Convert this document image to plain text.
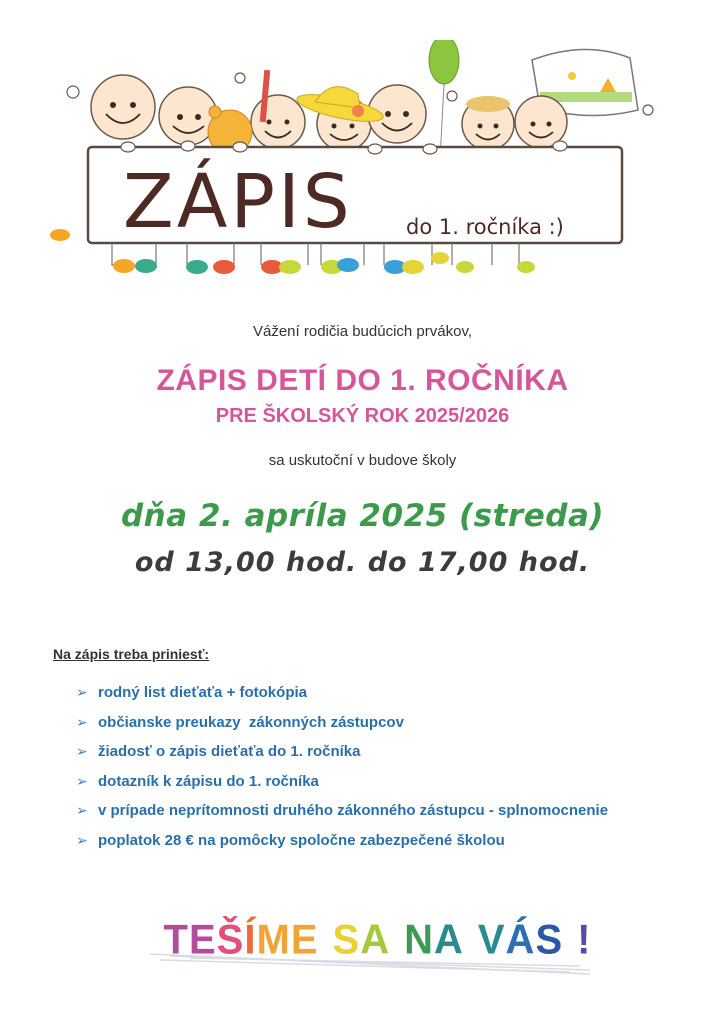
ZÁPIS	do 1. ročníka :)
Vážení rodičia budúcich prvákov,
ZÁPIS DETÍ DO 1. ROČNÍKA
PRE ŠKOLSKÝ ROK 2025/2026
sa uskutoční v budove školy
dňa 2. apríla 2025 (streda)
od 13,00 hod. do 17,00 hod.
Na zápis treba priniesť:
➢ rodný list dieťaťa + fotokópia
➢ občianske preukazy  zákonných zástupcov
➢ žiadosť o zápis dieťaťa do 1. ročníka
➢ dotazník k zápisu do 1. ročníka
➢ v prípade neprítomnosti druhého zákonného zástupcu - splnomocnenie
➢ poplatok 28 € na pomôcky spoločne zabezpečené školou
TEŠÍME SA NA VÁS !
